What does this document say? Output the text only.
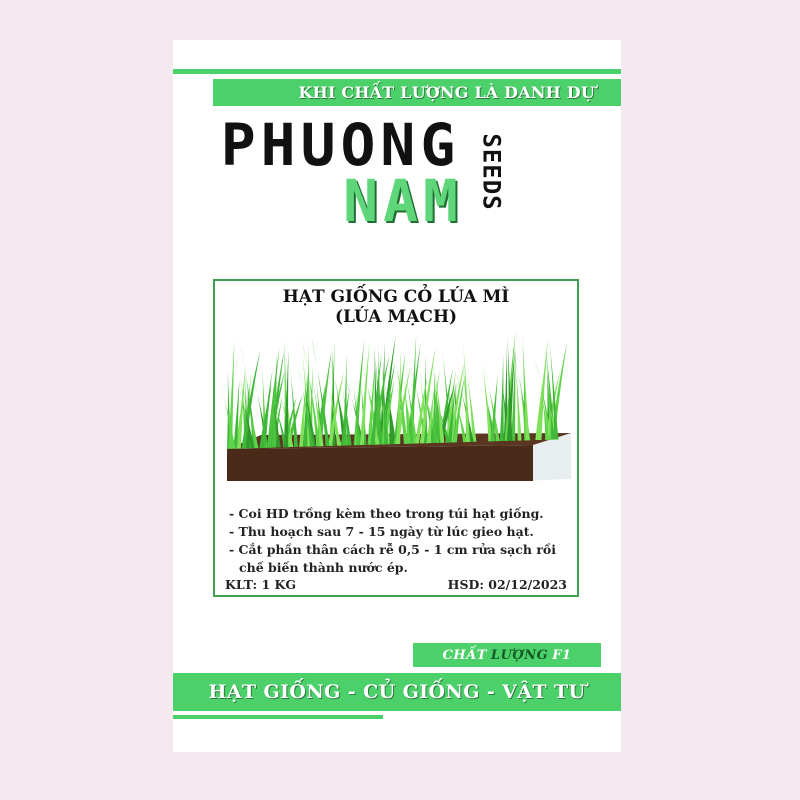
KHI CHẤT LƯỢNG LÀ DANH DỰ
PHUONG
NAM SEEDS
HẠT GIỐNG CỎ LÚA MÌ
(LÚA MẠCH)
- Coi HD trồng kèm theo trong túi hạt giống.
- Thu hoạch sau 7 - 15 ngày từ lúc gieo hạt.
- Cắt phần thân cách rễ 0,5 - 1 cm rửa sạch rồi
chế biến thành nước ép.
KLT: 1 KG	HSD: 02/12/2023
CHẤT LƯỢNG F1
HẠT GIỐNG - CỦ GIỐNG - VẬT TƯ
